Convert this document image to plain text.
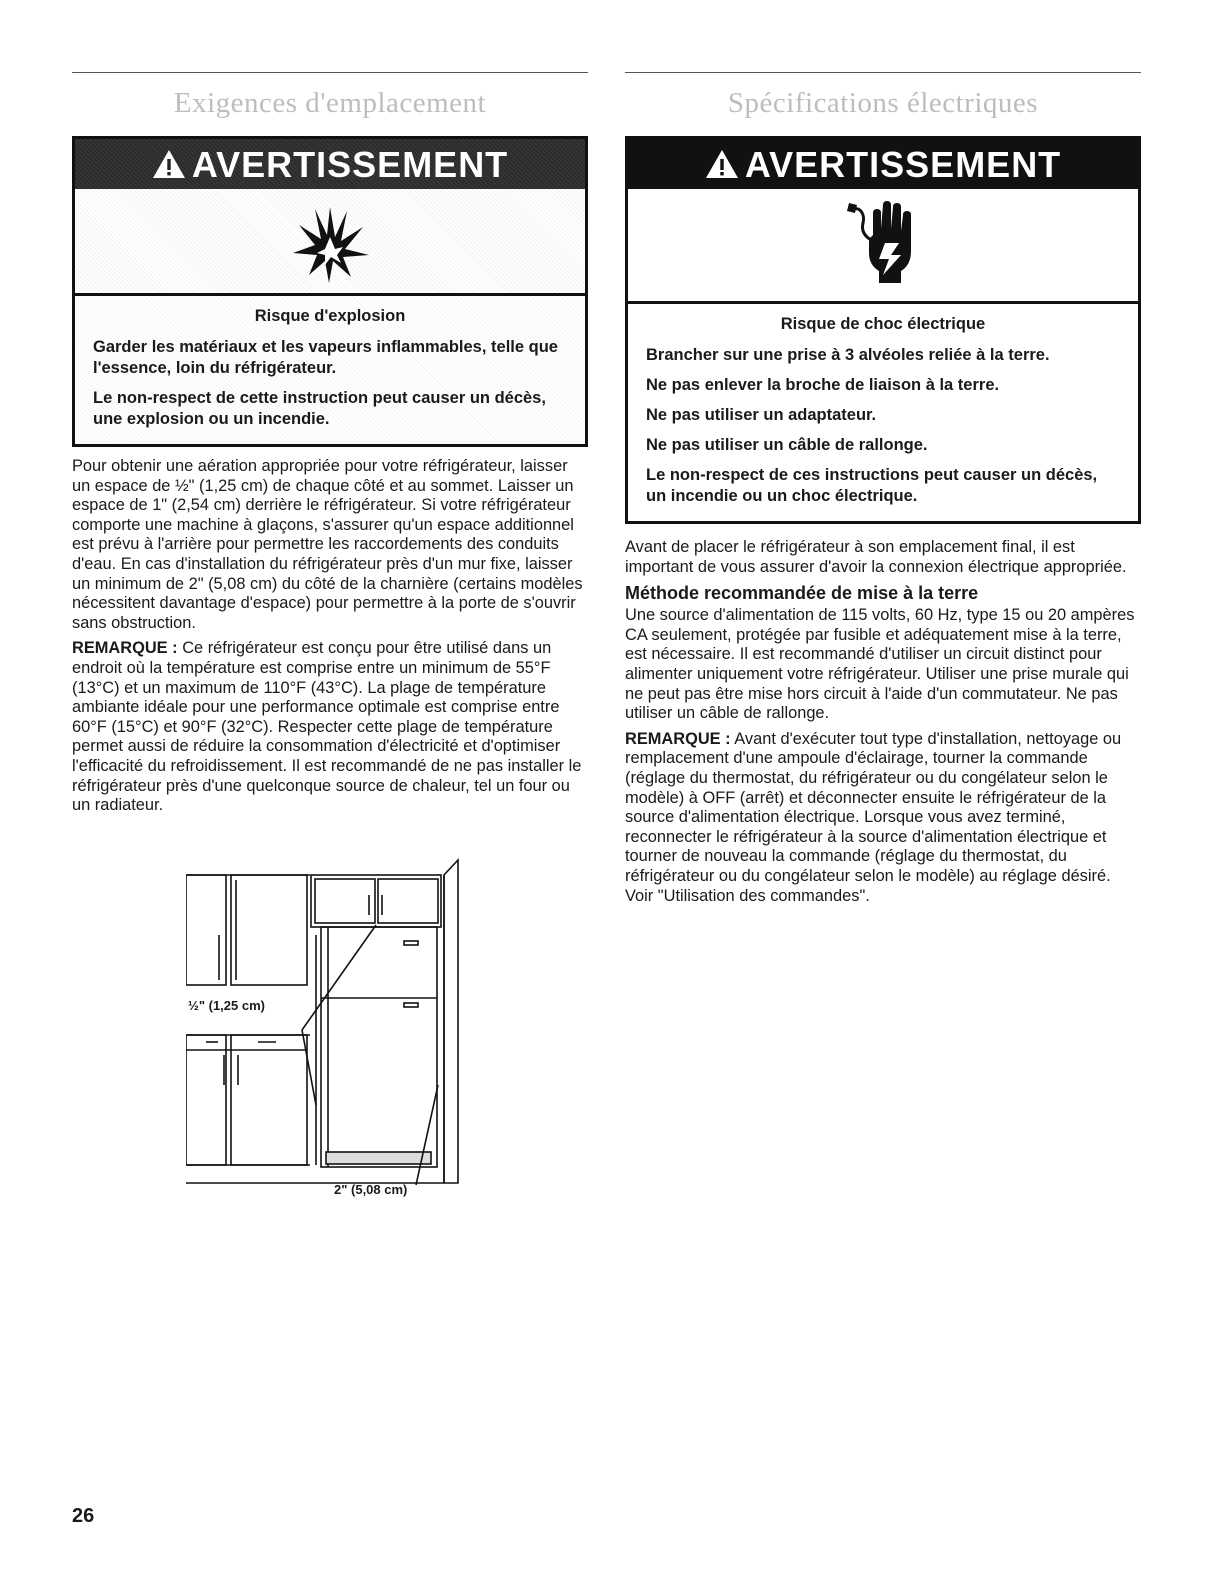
Exigences d'emplacement
AVERTISSEMENT
Risque d'explosion

Garder les matériaux et les vapeurs inflammables, telle que l'essence, loin du réfrigérateur.

Le non-respect de cette instruction peut causer un décès, une explosion ou un incendie.

Pour obtenir une aération appropriée pour votre réfrigérateur, laisser un espace de ½" (1,25 cm) de chaque côté et au sommet. Laisser un espace de 1" (2,54 cm) derrière le réfrigérateur. Si votre réfrigérateur comporte une machine à glaçons, s'assurer qu'un espace additionnel est prévu à l'arrière pour permettre les raccordements des conduits d'eau. En cas d'installation du réfrigérateur près d'un mur fixe, laisser un minimum de 2" (5,08 cm) du côté de la charnière (certains modèles nécessitent davantage d'espace) pour permettre à la porte de s'ouvrir sans obstruction.

REMARQUE : Ce réfrigérateur est conçu pour être utilisé dans un endroit où la température est comprise entre un minimum de 55°F (13°C) et un maximum de 110°F (43°C). La plage de température ambiante idéale pour une performance optimale est comprise entre 60°F (15°C) et 90°F (32°C). Respecter cette plage de température permet aussi de réduire la consommation d'électricité et d'optimiser l'efficacité du refroidissement. Il est recommandé de ne pas installer le réfrigérateur près d'une quelconque source de chaleur, tel un four ou un radiateur.

½" (1,25 cm)
2" (5,08 cm)
Spécifications électriques
AVERTISSEMENT
Risque de choc électrique

Brancher sur une prise à 3 alvéoles reliée à la terre.

Ne pas enlever la broche de liaison à la terre.

Ne pas utiliser un adaptateur.

Ne pas utiliser un câble de rallonge.

Le non-respect de ces instructions peut causer un décès, un incendie ou un choc électrique.

Avant de placer le réfrigérateur à son emplacement final, il est important de vous assurer d'avoir la connexion électrique appropriée.

Méthode recommandée de mise à la terre

Une source d'alimentation de 115 volts, 60 Hz, type 15 ou 20 ampères CA seulement, protégée par fusible et adéquatement mise à la terre, est nécessaire. Il est recommandé d'utiliser un circuit distinct pour alimenter uniquement votre réfrigérateur. Utiliser une prise murale qui ne peut pas être mise hors circuit à l'aide d'un commutateur. Ne pas utiliser un câble de rallonge.

REMARQUE : Avant d'exécuter tout type d'installation, nettoyage ou remplacement d'une ampoule d'éclairage, tourner la commande (réglage du thermostat, du réfrigérateur ou du congélateur selon le modèle) à OFF (arrêt) et déconnecter ensuite le réfrigérateur de la source d'alimentation électrique. Lorsque vous avez terminé, reconnecter le réfrigérateur à la source d'alimentation électrique et tourner de nouveau la commande (réglage du thermostat, du réfrigérateur ou du congélateur selon le modèle) au réglage désiré. Voir "Utilisation des commandes".

26
